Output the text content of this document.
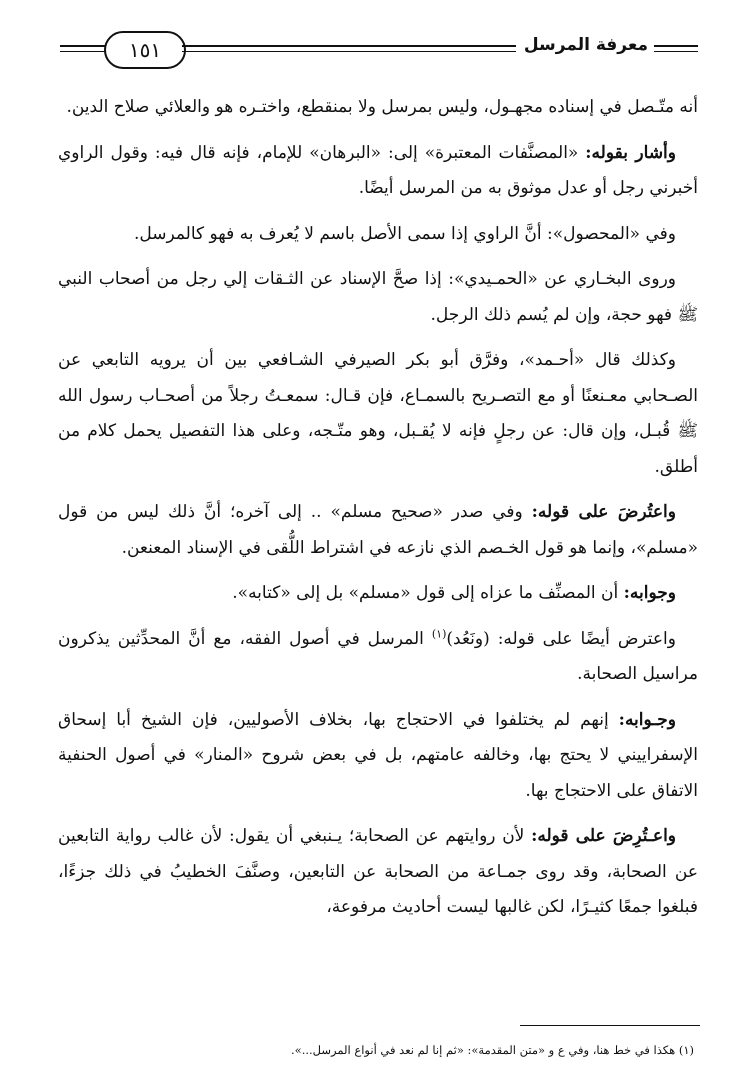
١٥١	معرفة المرسل

أنه متّـصل في إسناده مجهـول، وليس بمرسل ولا بمنقطع، واختـره هو والعلائي صلاح الدين.

وأشار بقوله: «المصنَّفات المعتبرة» إلى: «البرهان» للإمام، فإنه قال فيه: وقول الراوي أخبرني رجل أو عدل موثوق به من المرسل أيضًا.

وفي «المحصول»: أنَّ الراوي إذا سمى الأصل باسم لا يُعرف به فهو كالمرسل.

وروى البخـاري عن «الحمـيدي»: إذا صحَّ الإسناد عن الثـقات إلي رجل من أصحاب النبي ﷺ فهو حجة، وإن لم يُسم ذلك الرجل.

وكذلك قال «أحـمد»، وفرَّق أبو بكر الصيرفي الشـافعي بين أن يرويه التابعي عن الصـحابي معـنعنًا أو مع التصـريح بالسمـاع، فإن قـال: سمعـتُ رجلاً من أصحـاب رسول الله ﷺ قُبـل، وإن قال: عن رجلٍ فإنه لا يُقـبل، وهو متّـجه، وعلى هذا التفصيل يحمل كلام من أطلق.

واعتُرضَ على قوله: وفي صدر «صحيح مسلم» .. إلى آخره؛ أنَّ ذلك ليس من قول «مسلم»، وإنما هو قول الخـصم الذي نازعه في اشتراط اللُّقى في الإسناد المعنعن.

وجوابه: أن المصنِّف ما عزاه إلى قول «مسلم» بل إلى «كتابه».

واعترض أيضًا على قوله: (ونَعُد)$^{(١)}$ المرسل في أصول الفقه، مع أنَّ المحدِّثين يذكرون مراسيل الصحابة.

وجـوابه: إنهم لم يختلفوا في الاحتجاج بها، بخلاف الأصوليين، فإن الشيخ أبا إسحاق الإسفراييني لا يحتج بها، وخالفه عامتهم، بل في بعض شروح «المنار» في أصول الحنفية الاتفاق على الاحتجاج بها.

واعـتُرِضَ على قوله: لأن روايتهم عن الصحابة؛ يـنبغي أن يقول: لأن غالب رواية التابعين عن الصحابة، وقد روى جمـاعة من الصحابة عن التابعين، وصنَّفَ الخطيبُ في ذلك جزءًا، فبلغوا جمعًا كثيـرًا، لكن غالبها ليست أحاديث مرفوعة،

(١) هكذا في خط هنا، وفي ع و «متن المقدمة»: «ثم إنا لم نعد في أنواع المرسل...».
